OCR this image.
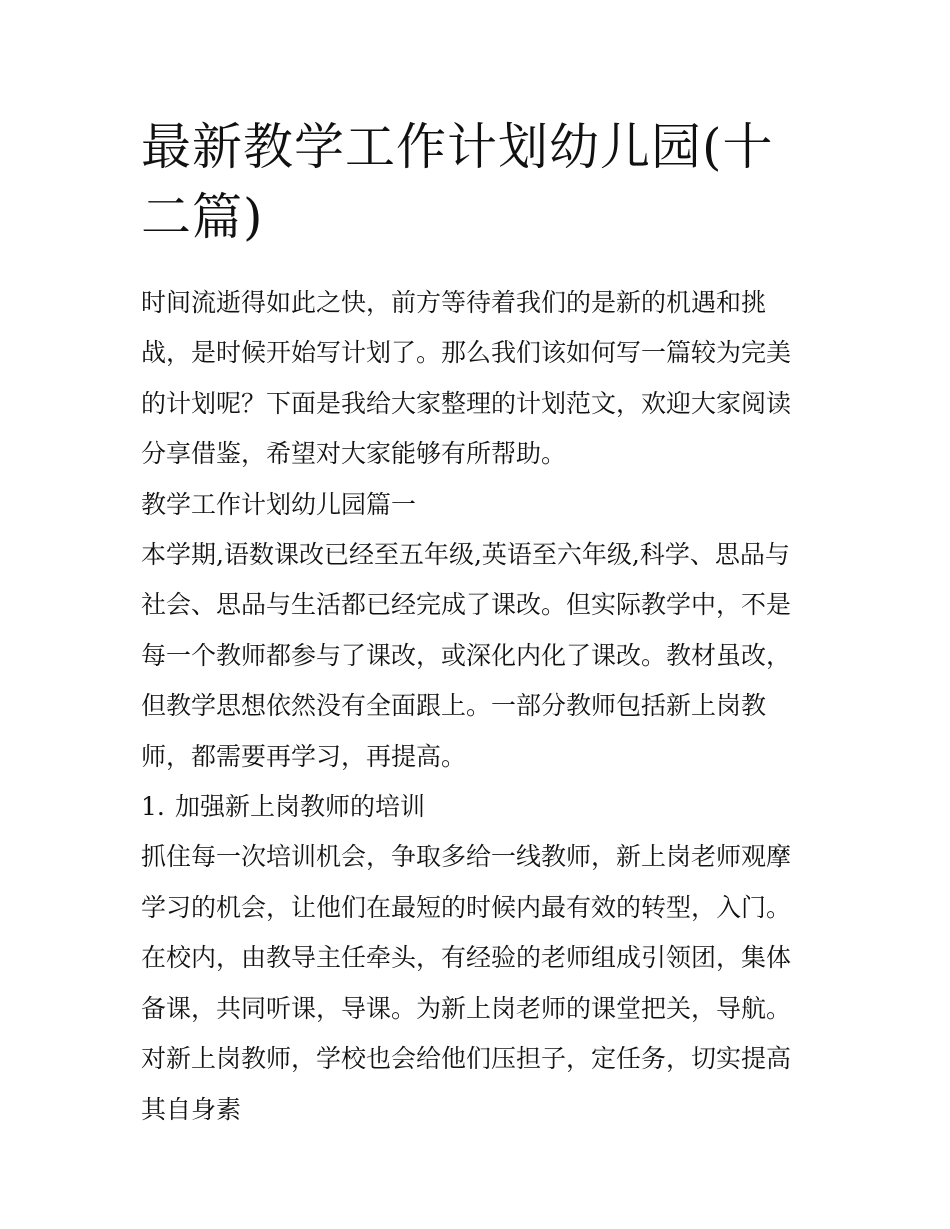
最新教学工作计划幼儿园(十二篇)

时间流逝得如此之快，前方等待着我们的是新的机遇和挑战，是时候开始写计划了。那么我们该如何写一篇较为完美的计划呢？下面是我给大家整理的计划范文，欢迎大家阅读分享借鉴，希望对大家能够有所帮助。

教学工作计划幼儿园篇一

本学期,语数课改已经至五年级,英语至六年级,科学、思品与社会、思品与生活都已经完成了课改。但实际教学中，不是每一个教师都参与了课改，或深化内化了课改。教材虽改，但教学思想依然没有全面跟上。一部分教师包括新上岗教师，都需要再学习，再提高。

1. 加强新上岗教师的培训

抓住每一次培训机会，争取多给一线教师，新上岗老师观摩学习的机会，让他们在最短的时候内最有效的转型，入门。在校内，由教导主任牵头，有经验的老师组成引领团，集体备课，共同听课，导课。为新上岗老师的课堂把关，导航。对新上岗教师，学校也会给他们压担子，定任务，切实提高其自身素
